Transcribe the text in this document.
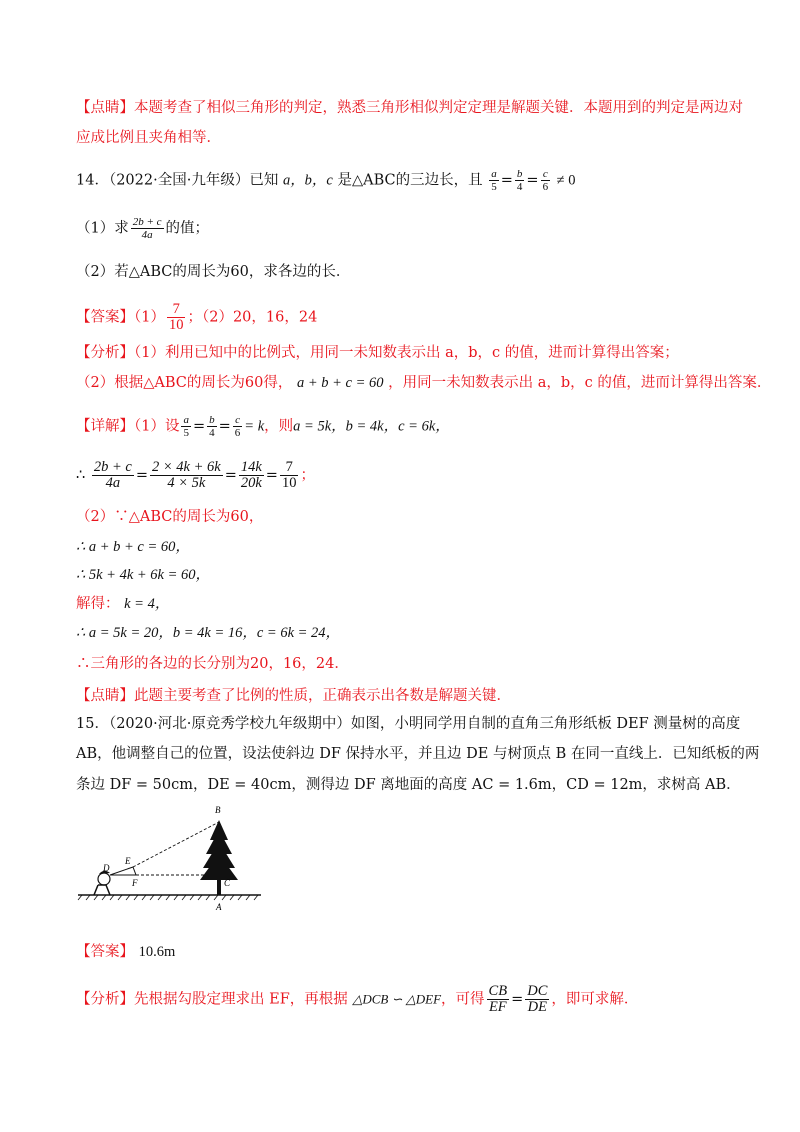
【点睛】本题考查了相似三角形的判定，熟悉三角形相似判定定理是解题关键．本题用到的判定是两边对
应成比例且夹角相等．
14．（2022·全国·九年级）已知 a，b，c 是△ABC的三边长，且 $\frac{a}{5} = \frac{b}{4} = \frac{c}{6} \ne 0$
（1）求 $\frac{2b + c}{4a}$ 的值；
（2）若△ABC的周长为60，求各边的长．
【答案】$(1) \frac{7}{10}$ ；（2）20，16，24
【分析】（1）利用已知中的比例式，用同一未知数表示出 a，b，c 的值，进而计算得出答案；
（2）根据△ABC的周长为60得， a + b + c = 60 ，用同一未知数表示出 a，b，c 的值，进而计算得出答案．
【详解】（1）设 $\frac{a}{5} = \frac{b}{4} = \frac{c}{6} = k$，则a = 5k，b = 4k，c = 6k，
∴ $\frac{2b + c}{4a} = \frac{2 \times 4k + 6k}{4 \times 5k} = \frac{14k}{20k} = \frac{7}{10}$ ；
（2）∵△ABC的周长为60，
∴ a + b + c = 60，
∴ 5k + 4k + 6k = 60，
解得： k = 4，
∴ a = 5k = 20，b = 4k = 16，c = 6k = 24，
∴三角形的各边的长分别为20，16，24．
【点睛】此题主要考查了比例的性质，正确表示出各数是解题关键．
15．（2020·河北·原竞秀学校九年级期中）如图，小明同学用自制的直角三角形纸板 DEF 测量树的高度
AB，他调整自己的位置，设法使斜边 DF 保持水平，并且边 DE 与树顶点 B 在同一直线上．已知纸板的两
条边 DF = 50cm，DE = 40cm，测得边 DF 离地面的高度 AC = 1.6m，CD = 12m，求树高 AB．
B
E
D
F	C
A
【答案】 10.6m
【分析】先根据勾股定理求出 EF，再根据 △DCB ∽ △DEF，可得 $\frac{CB}{EF} = \frac{DC}{DE}$ ，即可求解．
